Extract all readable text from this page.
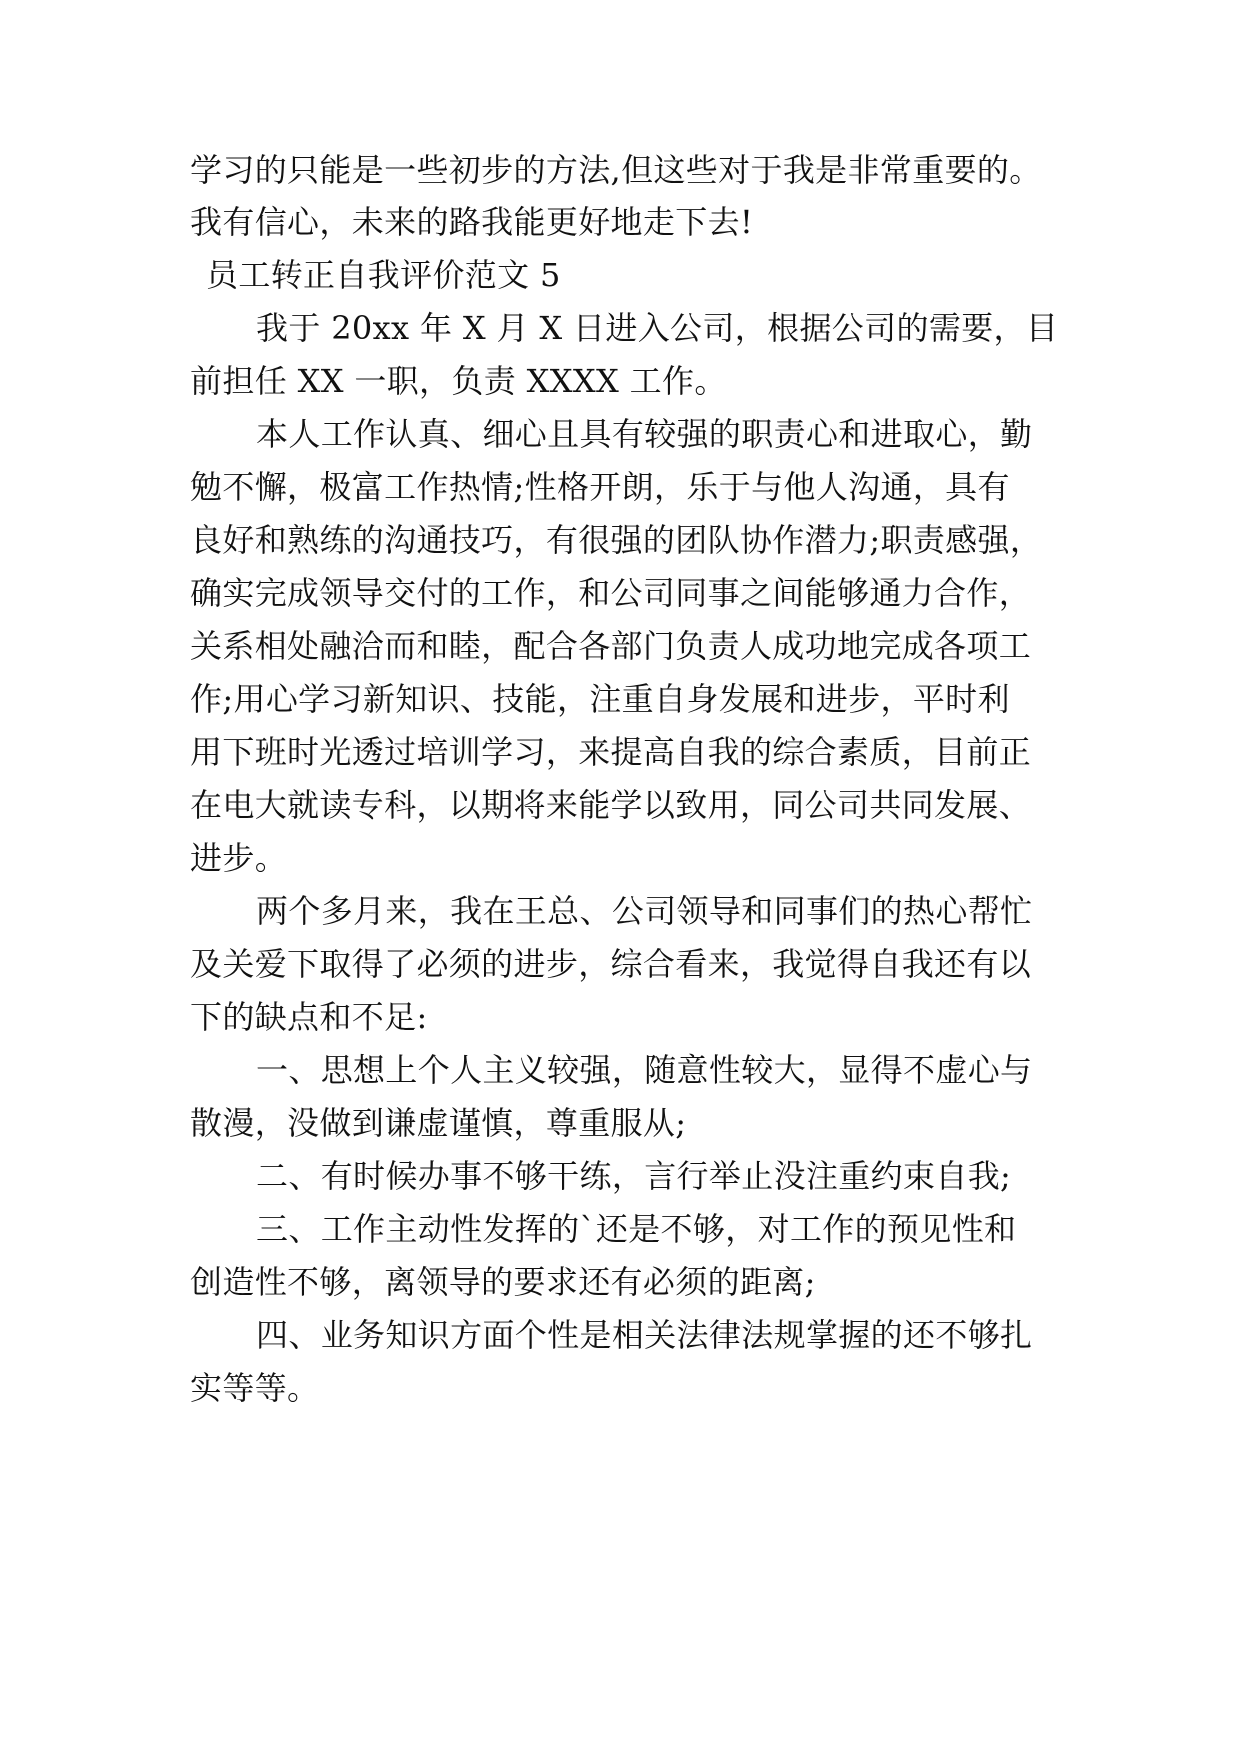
学习的只能是一些初步的方法,但这些对于我是非常重要的。
我有信心，未来的路我能更好地走下去!
员工转正自我评价范文 5
我于 20xx 年 X 月 X 日进入公司，根据公司的需要，目
前担任 XX 一职，负责 XXXX 工作。
本人工作认真、细心且具有较强的职责心和进取心，勤
勉不懈，极富工作热情;性格开朗，乐于与他人沟通，具有
良好和熟练的沟通技巧，有很强的团队协作潜力;职责感强，
确实完成领导交付的工作，和公司同事之间能够通力合作，
关系相处融洽而和睦，配合各部门负责人成功地完成各项工
作;用心学习新知识、技能，注重自身发展和进步，平时利
用下班时光透过培训学习，来提高自我的综合素质，目前正
在电大就读专科，以期将来能学以致用，同公司共同发展、
进步。
两个多月来，我在王总、公司领导和同事们的热心帮忙
及关爱下取得了必须的进步，综合看来，我觉得自我还有以
下的缺点和不足:
一、思想上个人主义较强，随意性较大，显得不虚心与
散漫，没做到谦虚谨慎，尊重服从;
二、有时候办事不够干练，言行举止没注重约束自我;
三、工作主动性发挥的`还是不够，对工作的预见性和
创造性不够，离领导的要求还有必须的距离;
四、业务知识方面个性是相关法律法规掌握的还不够扎
实等等。
